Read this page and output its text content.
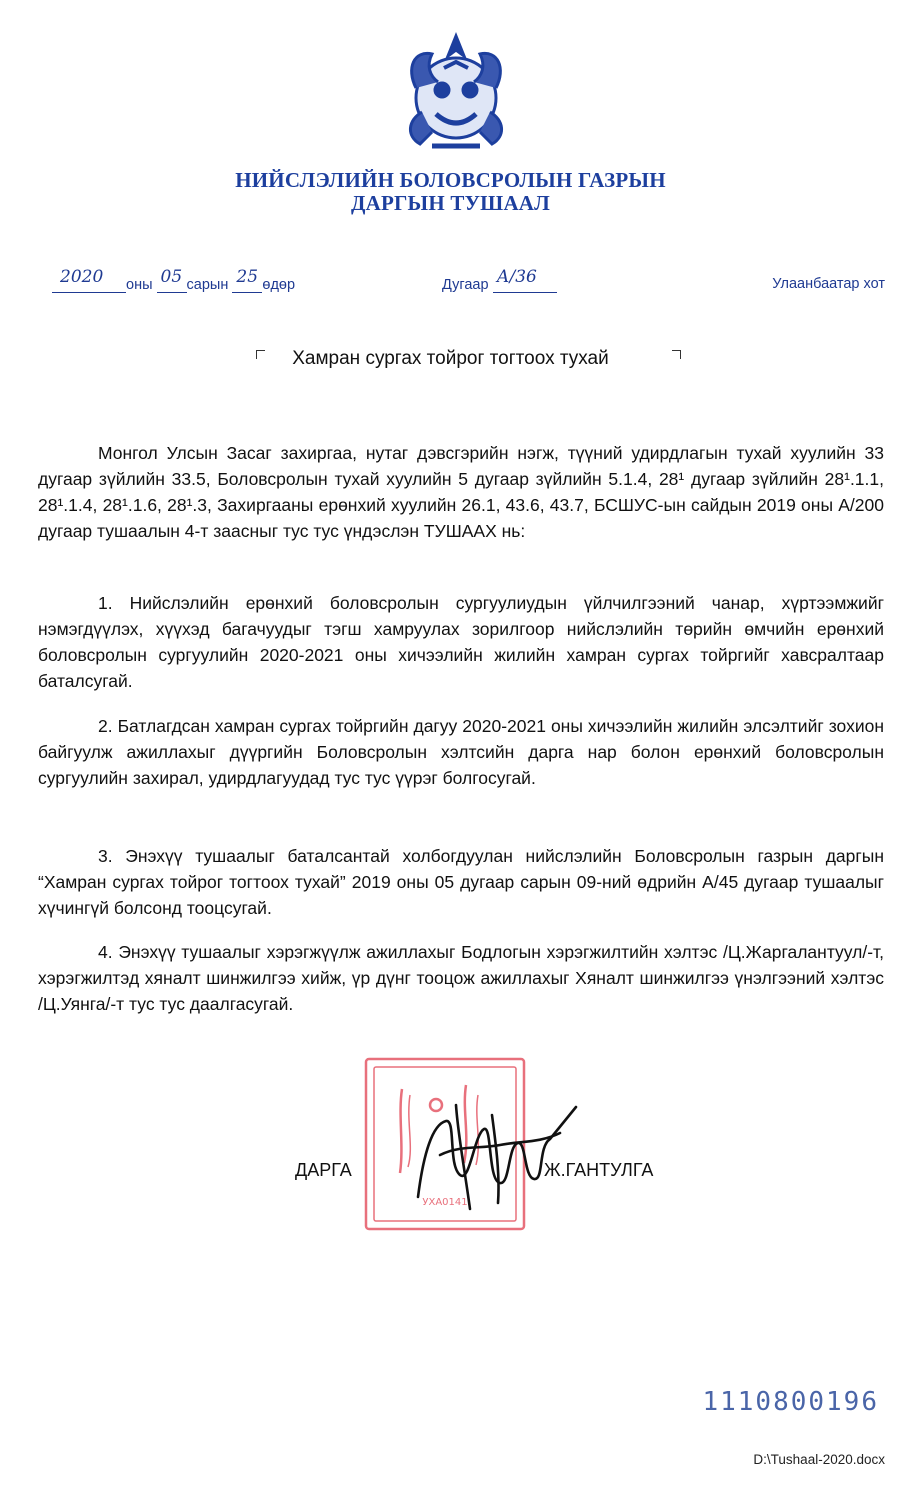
НИЙСЛЭЛИЙН БОЛОВСРОЛЫН ГАЗРЫН
ДАРГЫН ТУШААЛ
2020 оны 05 сарын 25 өдөр	Дугаар А/36	Улаанбаатар хот
Хамран сургах тойрог тогтоох тухай
Монгол Улсын Засаг захиргаа, нутаг дэвсгэрийн нэгж, түүний удирдлагын тухай хуулийн 33 дугаар зүйлийн 33.5, Боловсролын тухай хуулийн 5 дугаар зүйлийн 5.1.4, 28¹ дугаар зүйлийн 28¹.1.1, 28¹.1.4, 28¹.1.6, 28¹.3, Захиргааны ерөнхий хуулийн 26.1, 43.6, 43.7, БСШУС-ын сайдын 2019 оны А/200 дугаар тушаалын 4-т заасныг тус тус үндэслэн ТУШААХ нь:
1. Нийслэлийн ерөнхий боловсролын сургуулиудын үйлчилгээний чанар, хүртээмжийг нэмэгдүүлэх, хүүхэд багачуудыг тэгш хамруулах зорилгоор нийслэлийн төрийн өмчийн ерөнхий боловсролын сургуулийн 2020-2021 оны хичээлийн жилийн хамран сургах тойргийг хавсралтаар баталсугай.
2. Батлагдсан хамран сургах тойргийн дагуу 2020-2021 оны хичээлийн жилийн элсэлтийг зохион байгуулж ажиллахыг дүүргийн Боловсролын хэлтсийн дарга нар болон ерөнхий боловсролын сургуулийн захирал, удирдлагуудад тус тус үүрэг болгосугай.
3. Энэхүү тушаалыг баталсантай холбогдуулан нийслэлийн Боловсролын газрын даргын “Хамран сургах тойрог тогтоох тухай” 2019 оны 05 дугаар сарын 09-ний өдрийн А/45 дугаар тушаалыг хүчингүй болсонд тооцсугай.
4. Энэхүү тушаалыг хэрэгжүүлж ажиллахыг Бодлогын хэрэгжилтийн хэлтэс /Ц.Жаргалантуул/-т, хэрэгжилтэд хяналт шинжилгээ хийж, үр дүнг тооцож ажиллахыг Хяналт шинжилгээ үнэлгээний хэлтэс /Ц.Уянга/-т тус тус даалгасугай.
УХА0141
ДАРГА	Ж.ГАНТУЛГА
1110800196
D:\Tushaal-2020.docx
